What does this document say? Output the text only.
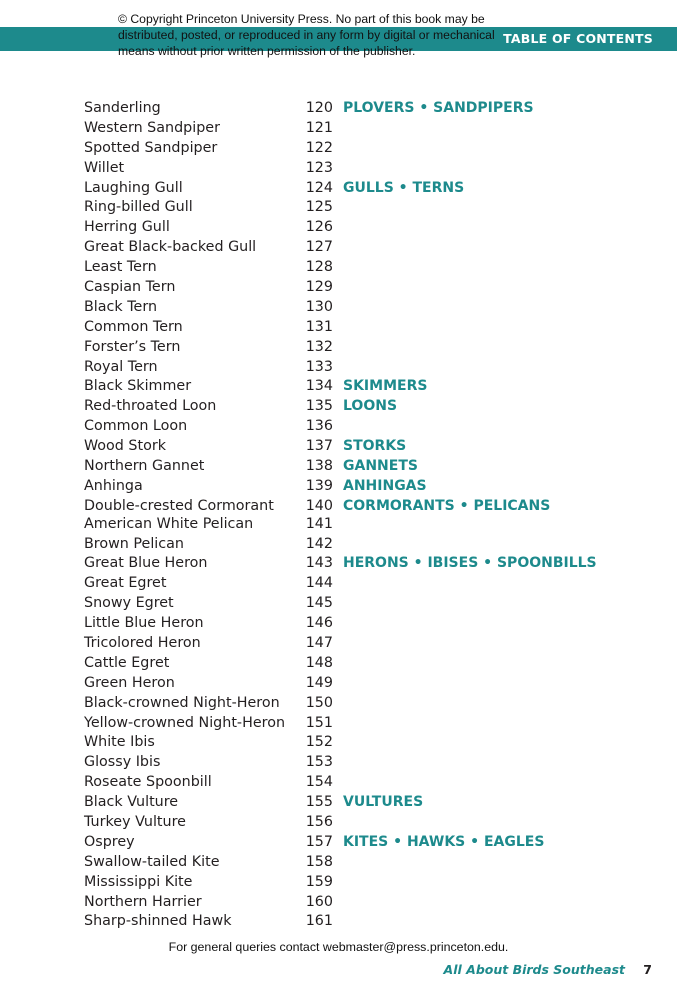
TABLE OF CONTENTS
© Copyright Princeton University Press. No part of this book may be distributed, posted, or reproduced in any form by digital or mechanical means without prior written permission of the publisher.
Sanderling	120 PLOVERS • SANDPIPERS
Western Sandpiper	121
Spotted Sandpiper	122
Willet	123
Laughing Gull	124 GULLS • TERNS
Ring-billed Gull	125
Herring Gull	126
Great Black-backed Gull	127
Least Tern	128
Caspian Tern	129
Black Tern	130
Common Tern	131
Forster’s Tern	132
Royal Tern	133
Black Skimmer	134 SKIMMERS
Red-throated Loon	135 LOONS
Common Loon	136
Wood Stork	137 STORKS
Northern Gannet	138 GANNETS
Anhinga	139 ANHINGAS
Double-crested Cormorant	140 CORMORANTS • PELICANS
American White Pelican	141
Brown Pelican	142
Great Blue Heron	143 HERONS • IBISES • SPOONBILLS
Great Egret	144
Snowy Egret	145
Little Blue Heron	146
Tricolored Heron	147
Cattle Egret	148
Green Heron	149
Black-crowned Night-Heron	150
Yellow-crowned Night-Heron	151
White Ibis	152
Glossy Ibis	153
Roseate Spoonbill	154
Black Vulture	155 VULTURES
Turkey Vulture	156
Osprey	157 KITES • HAWKS • EAGLES
Swallow-tailed Kite	158
Mississippi Kite	159
Northern Harrier	160
Sharp-shinned Hawk	161
For general queries contact webmaster@press.princeton.edu.
All About Birds Southeast 7
